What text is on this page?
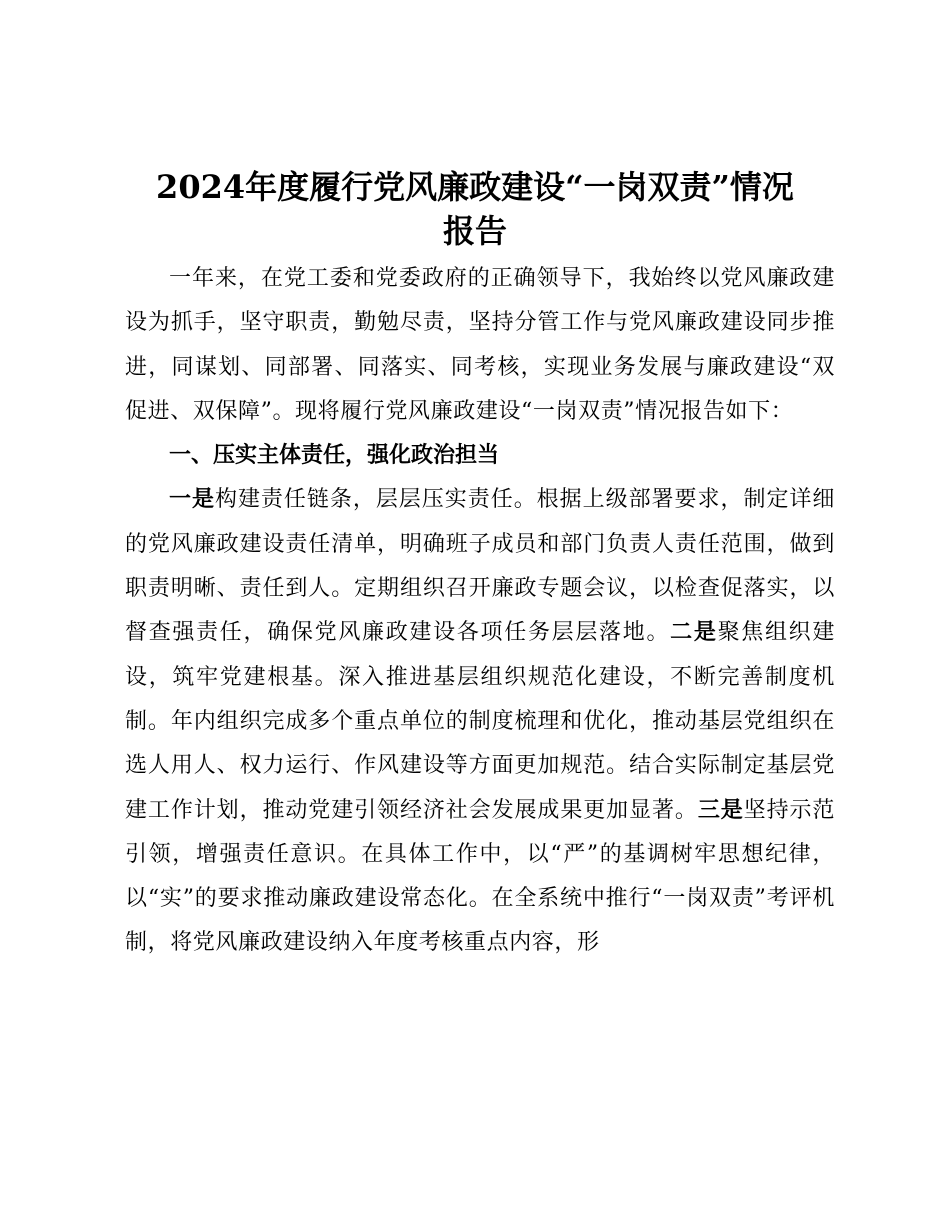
2024年度履行党风廉政建设“一岗双责”情况
报告

一年来，在党工委和党委政府的正确领导下，我始终以党风廉政建设为抓手，坚守职责，勤勉尽责，坚持分管工作与党风廉政建设同步推进，同谋划、同部署、同落实、同考核，实现业务发展与廉政建设“双促进、双保障”。现将履行党风廉政建设“一岗双责”情况报告如下：

一、压实主体责任，强化政治担当

一是构建责任链条，层层压实责任。根据上级部署要求，制定详细的党风廉政建设责任清单，明确班子成员和部门负责人责任范围，做到职责明晰、责任到人。定期组织召开廉政专题会议，以检查促落实，以督查强责任，确保党风廉政建设各项任务层层落地。二是聚焦组织建设，筑牢党建根基。深入推进基层组织规范化建设，不断完善制度机制。年内组织完成多个重点单位的制度梳理和优化，推动基层党组织在选人用人、权力运行、作风建设等方面更加规范。结合实际制定基层党建工作计划，推动党建引领经济社会发展成果更加显著。三是坚持示范引领，增强责任意识。在具体工作中，以“严”的基调树牢思想纪律，以“实”的要求推动廉政建设常态化。在全系统中推行“一岗双责”考评机制，将党风廉政建设纳入年度考核重点内容，形
